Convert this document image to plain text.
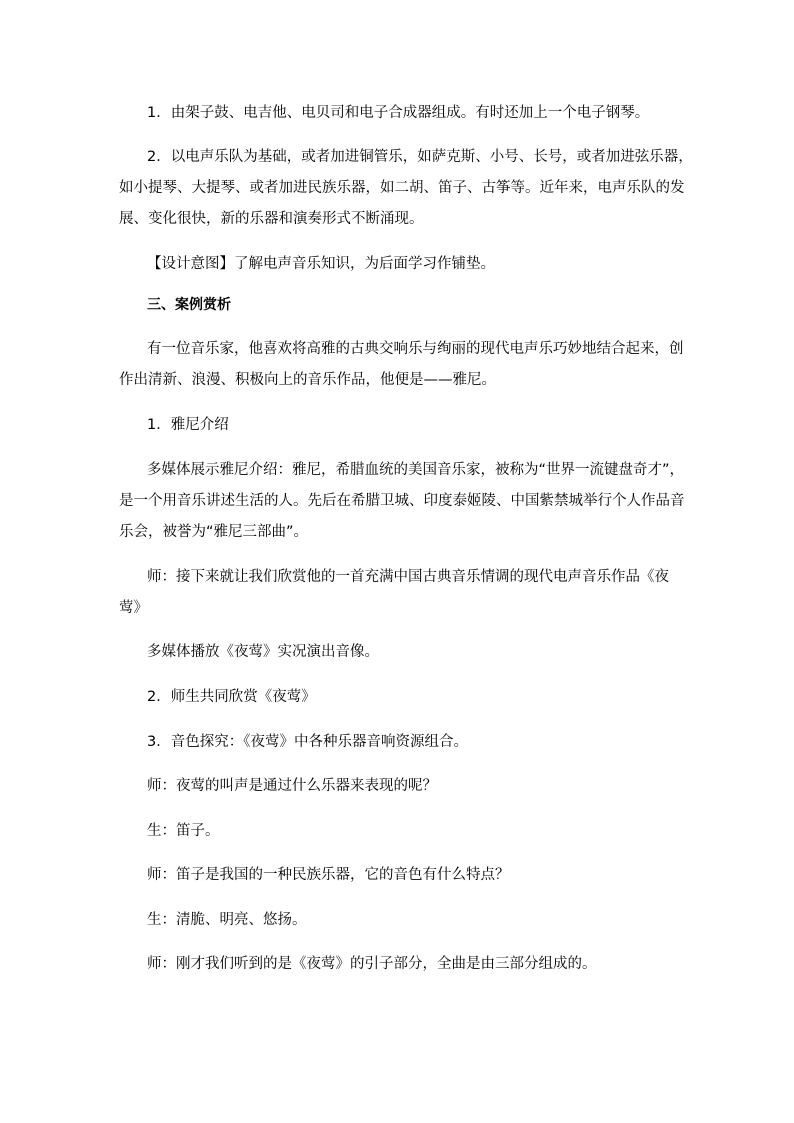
1．由架子鼓、电吉他、电贝司和电子合成器组成。有时还加上一个电子钢琴。
2．以电声乐队为基础，或者加进铜管乐，如萨克斯、小号、长号，或者加进弦乐器，
如小提琴、大提琴、或者加进民族乐器，如二胡、笛子、古筝等。近年来，电声乐队的发
展、变化很快，新的乐器和演奏形式不断涌现。
【设计意图】了解电声音乐知识，为后面学习作铺垫。
三、案例赏析
有一位音乐家，他喜欢将高雅的古典交响乐与绚丽的现代电声乐巧妙地结合起来，创
作出清新、浪漫、积极向上的音乐作品，他便是——雅尼。
1．雅尼介绍
多媒体展示雅尼介绍：雅尼，希腊血统的美国音乐家，被称为“世界一流键盘奇才”，
是一个用音乐讲述生活的人。先后在希腊卫城、印度泰姬陵、中国紫禁城举行个人作品音
乐会，被誉为“雅尼三部曲”。
师：接下来就让我们欣赏他的一首充满中国古典音乐情调的现代电声音乐作品《夜
莺》
多媒体播放《夜莺》实况演出音像。
2．师生共同欣赏《夜莺》
3．音色探究：《夜莺》中各种乐器音响资源组合。
师：夜莺的叫声是通过什么乐器来表现的呢？
生：笛子。
师：笛子是我国的一种民族乐器，它的音色有什么特点？
生：清脆、明亮、悠扬。
师：刚才我们听到的是《夜莺》的引子部分，全曲是由三部分组成的。
